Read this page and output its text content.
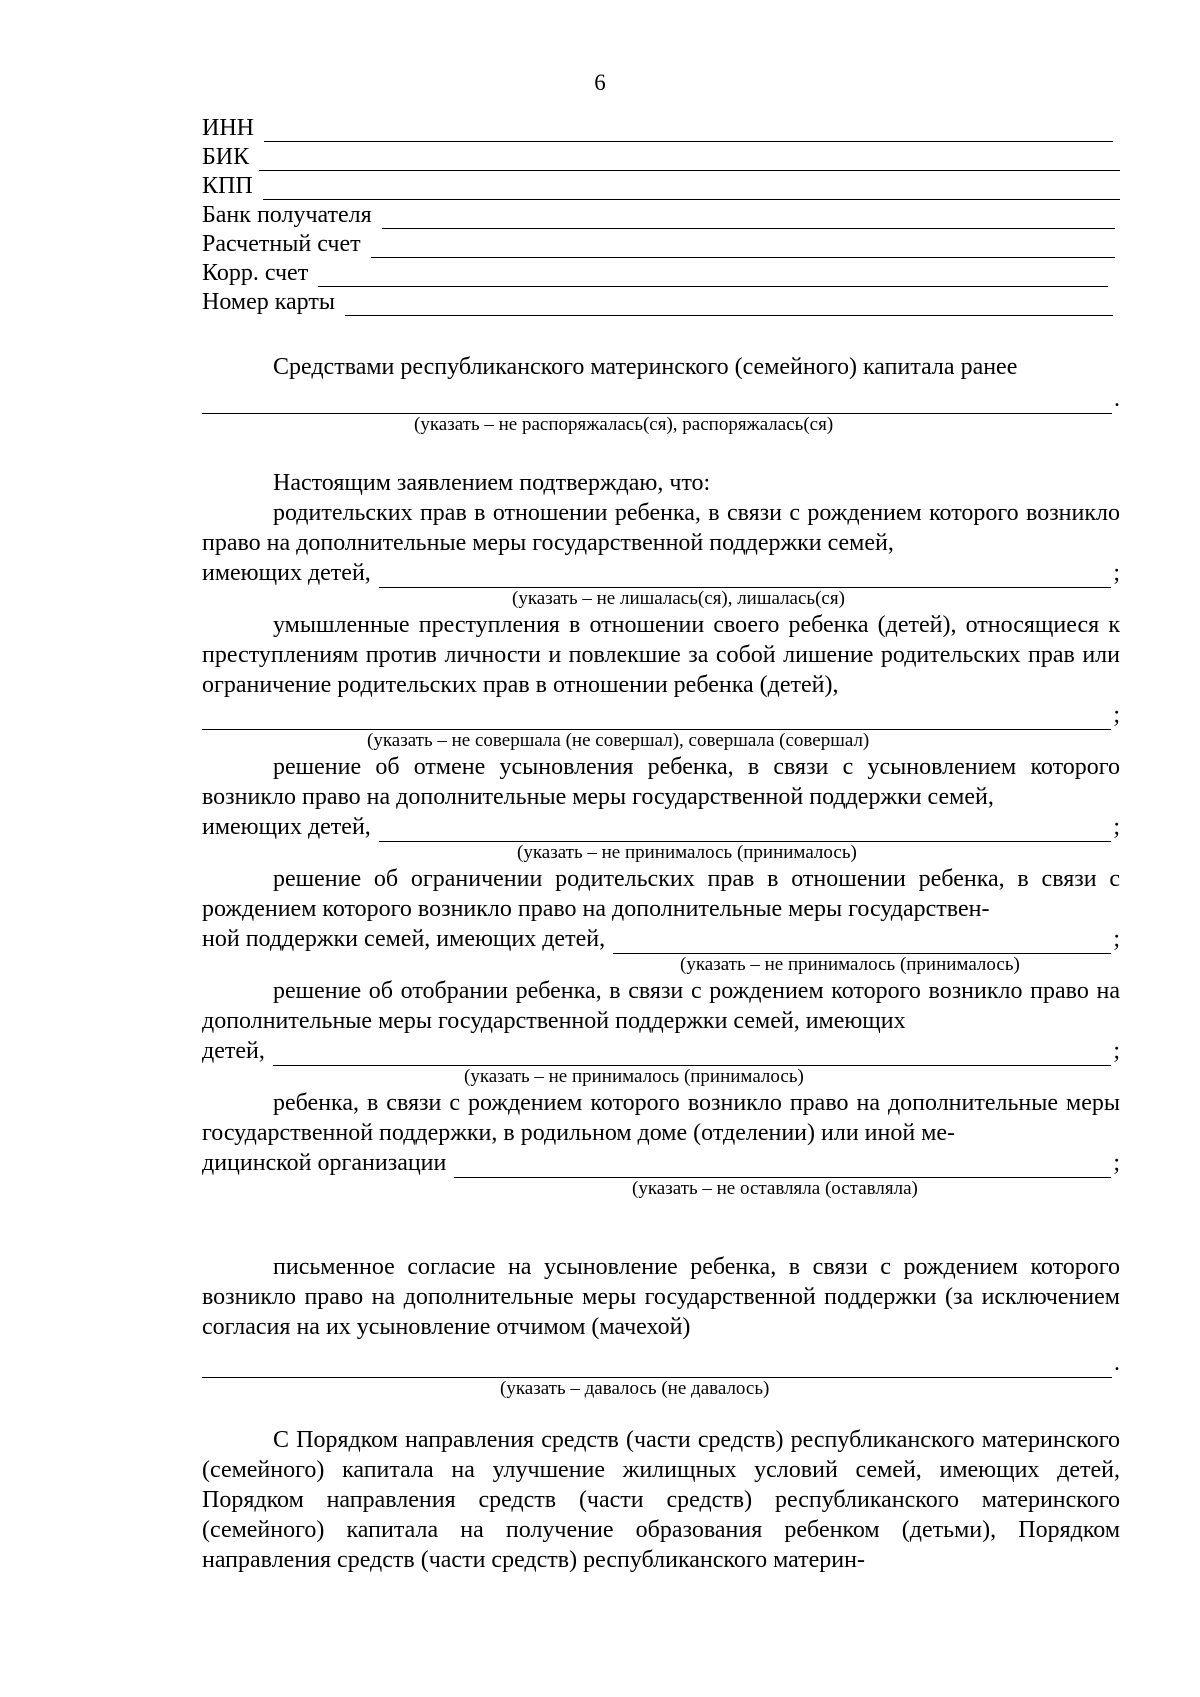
6
ИНН
БИК
КПП
Банк получателя
Расчетный счет
Корр. счет
Номер карты

Средствами республиканского материнского (семейного) капитала ранее

.
(указать – не распоряжалась(ся), распоряжалась(ся)

Настоящим заявлением подтверждаю, что:

родительских прав в отношении ребенка, в связи с рождением которого возникло право на дополнительные меры государственной поддержки семей,

имеющих детей,	;
(указать – не лишалась(ся), лишалась(ся)

умышленные преступления в отношении своего ребенка (детей), относящиеся к преступлениям против личности и повлекшие за собой лишение родительских прав или ограничение родительских прав в отношении ребенка (детей),

;
(указать – не совершала (не совершал), совершала (совершал)

решение об отмене усыновления ребенка, в связи с усыновлением которого возникло право на дополнительные меры государственной поддержки семей,

имеющих детей,	;
(указать – не принималось (принималось)

решение об ограничении родительских прав в отношении ребенка, в связи с рождением которого возникло право на дополнительные меры государствен-

ной поддержки семей, имеющих детей,	;
(указать – не принималось (принималось)

решение об отобрании ребенка, в связи с рождением которого возникло право на дополнительные меры государственной поддержки семей, имеющих

детей,	;
(указать – не принималось (принималось)

ребенка, в связи с рождением которого возникло право на дополнительные меры государственной поддержки, в родильном доме (отделении) или иной ме-

дицинской организации	;
(указать – не оставляла (оставляла)

письменное согласие на усыновление ребенка, в связи с рождением которого возникло право на дополнительные меры государственной поддержки (за исключением согласия на их усыновление отчимом (мачехой)

.
(указать – давалось (не давалось)

С Порядком направления средств (части средств) республиканского материнского (семейного) капитала на улучшение жилищных условий семей, имеющих детей, Порядком направления средств (части средств) республиканского материнского (семейного) капитала на получение образования ребенком (детьми), Порядком направления средств (части средств) республиканского материн-
